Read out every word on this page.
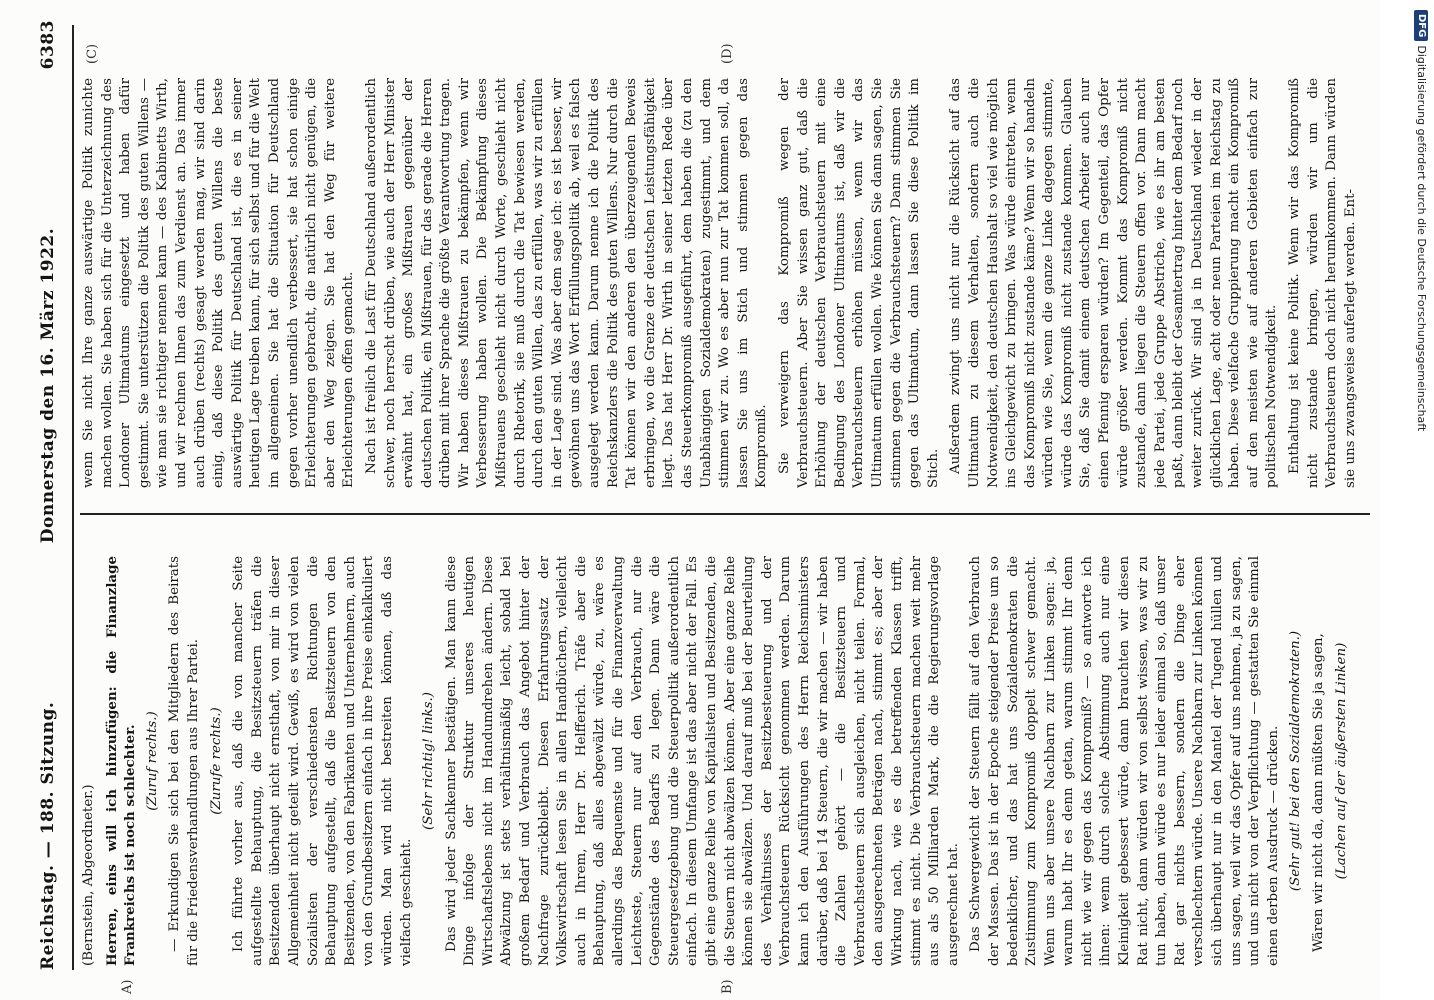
Reichstag. — 188. Sitzung.
Donnerstag den 16. März 1922.
6383
A)	B)
(C)	(D)

(Bernstein, Abgeordneter.) Herren, eins will ich hinzufügen: die Finanzlage Frankreichs ist noch schlechter. (Zuruf rechts.) — Erkundigen Sie sich bei den Mitgliedern des Beirats für die Friedensverhandlungen aus Ihrer Partei. (Zurufe rechts.) Ich führte vorher aus, daß die von mancher Seite aufgestellte Behauptung, die Besitzsteuern träfen die Besitzenden überhaupt nicht ernsthaft, von mir in dieser Allgemeinheit nicht geteilt wird. Gewiß, es wird von vielen Sozialisten der verschiedensten Richtungen die Behauptung aufgestellt, daß die Besitzsteuern von den Besitzenden, von den Fabrikanten und Unternehmern, auch von den Grundbesitzern einfach in ihre Preise einkalkuliert würden. Man wird nicht bestreiten können, daß das vielfach geschieht.

(Sehr richtig! links.) Das wird jeder Sachkenner bestätigen. Man kann diese Dinge infolge der Struktur unseres heutigen Wirtschaftslebens nicht im Handumdrehen ändern. Diese Abwälzung ist stets verhältnismäßig leicht, sobald bei großem Bedarf und Verbrauch das Angebot hinter der Nachfrage zurückbleibt. Diesen Erfahrungssatz der Volkswirtschaft lesen Sie in allen Handbüchern, vielleicht auch in Ihrem, Herr Dr. Helfferich. Träfe aber die Behauptung, daß alles abgewälzt würde, zu, wäre es allerdings das Bequemste und für die Finanzverwaltung Leichteste, Steuern nur auf den Verbrauch, nur die Gegenstände des Bedarfs zu legen. Dann wäre die Steuergesetzgebung und die Steuerpolitik außerordentlich einfach. In diesem Umfange ist das aber nicht der Fall. Es gibt eine ganze Reihe von Kapitalisten und Besitzenden, die die Steuern nicht abwälzen können. Aber eine ganze Reihe können sie abwälzen. Und darauf muß bei der Beurteilung des Verhältnisses der Besitzbesteuerung und der Verbrauchsteuern Rücksicht genommen werden. Darum kann ich den Ausführungen des Herrn Reichsministers darüber, daß bei 14 Steuern, die wir machen — wir haben die Zahlen gehört — die Besitzsteuern und Verbrauchsteuern sich ausgleichen, nicht teilen. Formal, den ausgerechneten Beträgen nach, stimmt es; aber der Wirkung nach, wie es die betreffenden Klassen trifft, stimmt es nicht. Die Verbrauchsteuern machen weit mehr aus als 50 Milliarden Mark, die die Regierungsvorlage ausgerechnet hat. Das Schwergewicht der Steuern fällt auf den Verbrauch der Massen. Das ist in der Epoche steigender Preise um so bedenklicher, und das hat uns Sozialdemokraten die Zustimmung zum Kompromiß doppelt schwer gemacht. Wenn uns aber unsere Nachbarn zur Linken sagen: ja, warum habt Ihr es denn getan, warum stimmt Ihr denn nicht wie wir gegen das Kompromiß? — so antworte ich ihnen: wenn durch solche Abstimmung auch nur eine Kleinigkeit gebessert würde, dann brauchten wir diesen Rat nicht, dann würden wir von selbst wissen, was wir zu tun haben, dann würde es nur leider einmal so, daß unser Rat gar nichts bessern, sondern die Dinge eher verschlechtern würde. Unsere Nachbarn zur Linken können sich überhaupt nur in den Mantel der Tugend hüllen und uns sagen, weil wir das Opfer auf uns nehmen, ja zu sagen, und uns nicht von der Verpflichtung — gestatten Sie einmal einen derben Ausdruck — drücken. (Sehr gut! bei den Sozialdemokraten.) Wären wir nicht da, dann müßten Sie ja sagen, (Lachen auf der äußersten Linken)

wenn Sie nicht Ihre ganze auswärtige Politik zunichte machen wollen. Sie haben sich für die Unterzeichnung des Londoner Ultimatums eingesetzt und haben dafür gestimmt. Sie unterstützen die Politik des guten Willens — wie man sie richtiger nennen kann — des Kabinetts Wirth, und wir rechnen Ihnen das zum Verdienst an. Das immer auch drüben (rechts) gesagt werden mag, wir sind darin einig, daß diese Politik des guten Willens die beste auswärtige Politik für Deutschland ist, die es in seiner heutigen Lage treiben kann, für sich selbst und für die Welt im allgemeinen. Sie hat die Situation für Deutschland gegen vorher unendlich verbessert, sie hat schon einige Erleichterungen gebracht, die natürlich nicht genügen, die aber den Weg zeigen. Sie hat den Weg für weitere Erleichterungen offen gemacht. Nach ist freilich die Last für Deutschland außerordentlich schwer, noch herrscht drüben, wie auch der Herr Minister erwähnt hat, ein großes Mißtrauen gegenüber der deutschen Politik, ein Mißtrauen, für das gerade die Herren drüben mit ihrer Sprache die größte Verantwortung tragen. Wir haben dieses Mißtrauen zu bekämpfen, wenn wir Verbesserung haben wollen. Die Bekämpfung dieses Mißtrauens geschieht nicht durch Worte, geschieht nicht durch Rhetorik, sie muß durch die Tat bewiesen werden, durch den guten Willen, das zu erfüllen, was wir zu erfüllen in der Lage sind. Was aber dem sage ich: es ist besser, wir gewöhnen uns das Wort Erfüllungspolitik ab, weil es falsch ausgelegt werden kann. Darum nenne ich die Politik des Reichskanzlers die Politik des guten Willens. Nur durch die Tat können wir den anderen den überzeugenden Beweis erbringen, wo die Grenze der deutschen Leistungsfähigkeit liegt. Das hat Herr Dr. Wirth in seiner letzten Rede über das Steuerkompromiß ausgeführt, dem haben die (zu den Unabhängigen Sozialdemokraten) zugestimmt, und dem stimmen wir zu. Wo es aber nun zur Tat kommen soll, da lassen Sie uns im Stich und stimmen gegen das Kompromiß. Sie verweigern das Kompromiß wegen der Verbrauchsteuern. Aber Sie wissen ganz gut, daß die Erhöhung der deutschen Verbrauchsteuern mit eine Bedingung des Londoner Ultimatums ist, daß wir die Verbrauchsteuern erhöhen müssen, wenn wir das Ultimatum erfüllen wollen. Wie können Sie dann sagen, Sie stimmen gegen die Verbrauchsteuern? Dann stimmen Sie gegen das Ultimatum, dann lassen Sie diese Politik im Stich. Außerdem zwingt uns nicht nur die Rücksicht auf das Ultimatum zu diesem Verhalten, sondern auch die Notwendigkeit, den deutschen Haushalt so viel wie möglich ins Gleichgewicht zu bringen. Was würde eintreten, wenn das Kompromiß nicht zustande käme? Wenn wir so handeln würden wie Sie, wenn die ganze Linke dagegen stimmte, würde das Kompromiß nicht zustande kommen. Glauben Sie, daß Sie damit einem deutschen Arbeiter auch nur einen Pfennig ersparen würden? Im Gegenteil, das Opfer würde größer werden. Kommt das Kompromiß nicht zustande, dann liegen die Steuern offen vor. Dann macht jede Partei, jede Gruppe Abstriche, wie es ihr am besten paßt, dann bleibt der Gesamtertrag hinter dem Bedarf noch weiter zurück. Wir sind ja in Deutschland wieder in der glücklichen Lage, acht oder neun Parteien im Reichstag zu haben. Diese vielfache Gruppierung macht ein Kompromiß auf den meisten wie auf anderen Gebieten einfach zur politischen Notwendigkeit. Enthaltung ist keine Politik. Wenn wir das Kompromiß nicht zustande bringen, würden wir um die Verbrauchsteuern doch nicht herumkommen. Dann würden sie uns zwangsweise auferlegt werden. Ent-

DFGDigitalisierung gefördert durch die Deutsche Forschungsgemeinschaft
